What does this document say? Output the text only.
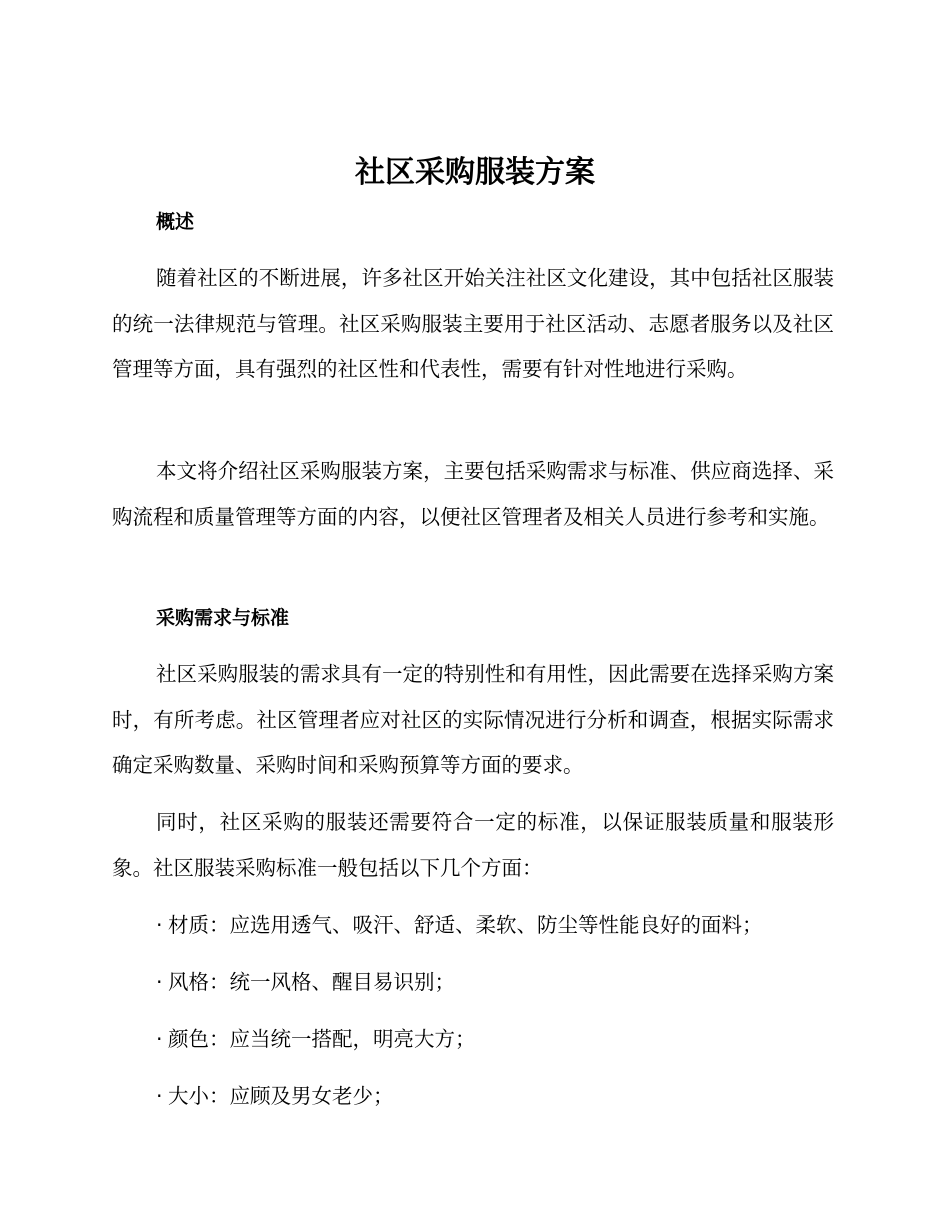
社区采购服装方案
概述

随着社区的不断进展，许多社区开始关注社区文化建设，其中包括社区服装的统一法律规范与管理。社区采购服装主要用于社区活动、志愿者服务以及社区管理等方面，具有强烈的社区性和代表性，需要有针对性地进行采购。

本文将介绍社区采购服装方案，主要包括采购需求与标准、供应商选择、采购流程和质量管理等方面的内容，以便社区管理者及相关人员进行参考和实施。

采购需求与标准

社区采购服装的需求具有一定的特别性和有用性，因此需要在选择采购方案时，有所考虑。社区管理者应对社区的实际情况进行分析和调查，根据实际需求确定采购数量、采购时间和采购预算等方面的要求。

同时，社区采购的服装还需要符合一定的标准，以保证服装质量和服装形象。社区服装采购标准一般包括以下几个方面：

· 材质：应选用透气、吸汗、舒适、柔软、防尘等性能良好的面料；
· 风格：统一风格、醒目易识别；
· 颜色：应当统一搭配，明亮大方；
· 大小：应顾及男女老少；
